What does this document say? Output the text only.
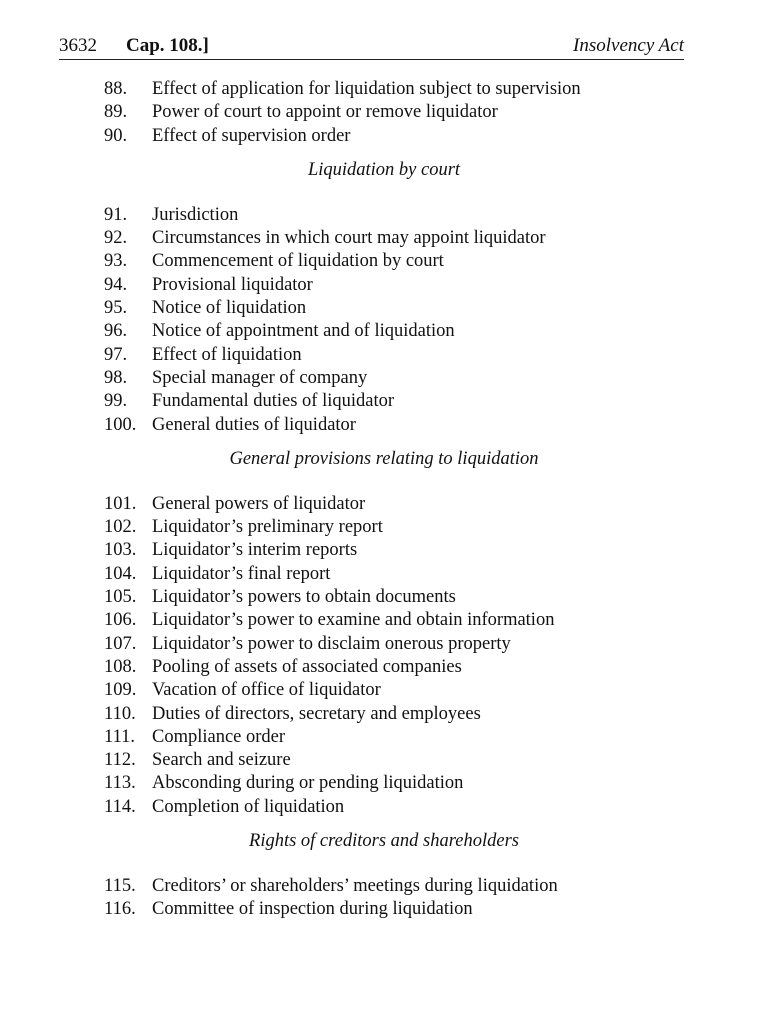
3632 Cap. 108.]	Insolvency Act
88. Effect of application for liquidation subject to supervision
89. Power of court to appoint or remove liquidator
90. Effect of supervision order
Liquidation by court
91. Jurisdiction
92. Circumstances in which court may appoint liquidator
93. Commencement of liquidation by court
94. Provisional liquidator
95. Notice of liquidation
96. Notice of appointment and of liquidation
97. Effect of liquidation
98. Special manager of company
99. Fundamental duties of liquidator
100. General duties of liquidator
General provisions relating to liquidation
101. General powers of liquidator
102. Liquidator’s preliminary report
103. Liquidator’s interim reports
104. Liquidator’s final report
105. Liquidator’s powers to obtain documents
106. Liquidator’s power to examine and obtain information
107. Liquidator’s power to disclaim onerous property
108. Pooling of assets of associated companies
109. Vacation of office of liquidator
110. Duties of directors, secretary and employees
111. Compliance order
112. Search and seizure
113. Absconding during or pending liquidation
114. Completion of liquidation
Rights of creditors and shareholders
115. Creditors’ or shareholders’ meetings during liquidation
116. Committee of inspection during liquidation
